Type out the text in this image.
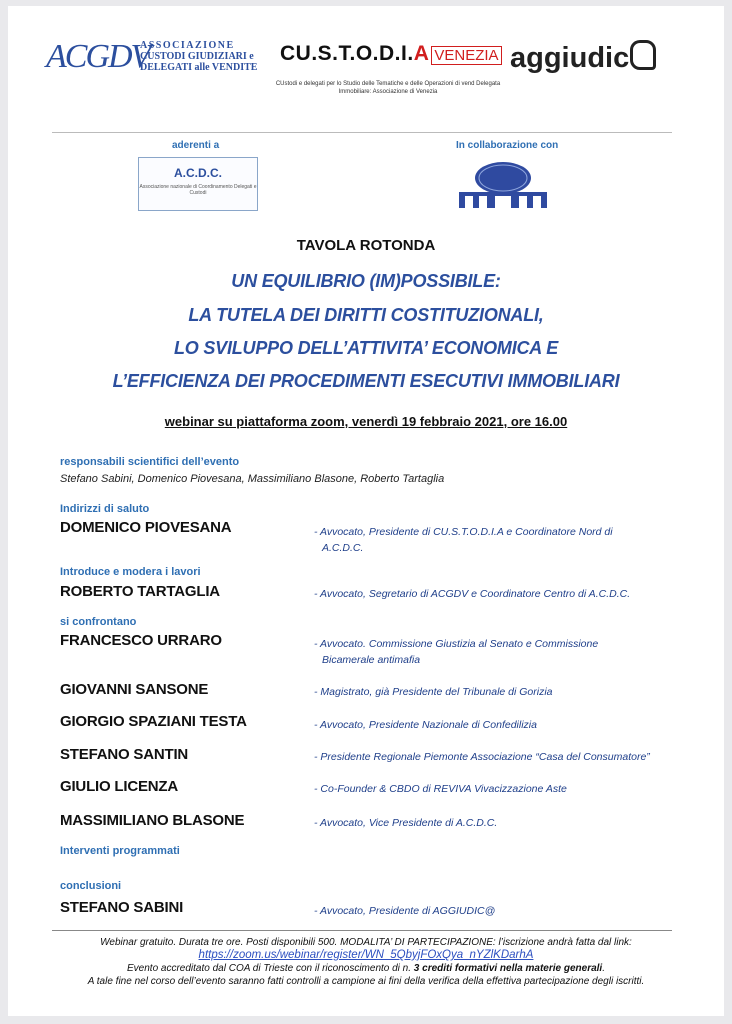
ACGDV
ASSOCIAZIONE
CUSTODI GIUDIZIARI e
DELEGATI alle VENDITE
CU.S.T.O.D.I.A VENEZIA
CUstodi e delegati per lo Studio delle Tematiche e delle Operazioni di vend Delegata Immobiliare: Associazione di Venezia
aggiudic
aderenti a	In collaborazione con
A.C.D.C.
Associazione nazionale di Coordinamento Delegati e Custodi
TAVOLA ROTONDA
UN EQUILIBRIO (IM)POSSIBILE:
LA TUTELA DEI DIRITTI COSTITUZIONALI,
LO SVILUPPO DELL’ATTIVITA’ ECONOMICA E
L’EFFICIENZA DEI PROCEDIMENTI ESECUTIVI IMMOBILIARI
webinar su piattaforma zoom, venerdì 19 febbraio 2021, ore 16.00
responsabili scientifici dell’evento
Stefano Sabini, Domenico Piovesana, Massimiliano Blasone, Roberto Tartaglia
Indirizzi di saluto
DOMENICO PIOVESANA	- Avvocato, Presidente di CU.S.T.O.D.I.A e Coordinatore Nord di
A.C.D.C.
Introduce e modera i lavori
ROBERTO TARTAGLIA	- Avvocato, Segretario di ACGDV e Coordinatore Centro di A.C.D.C.
si confrontano
FRANCESCO URRARO	- Avvocato. Commissione Giustizia al Senato e Commissione
Bicamerale antimafia
GIOVANNI SANSONE	- Magistrato, già Presidente del Tribunale di Gorizia
GIORGIO SPAZIANI TESTA	- Avvocato, Presidente Nazionale di Confedilizia
STEFANO SANTIN	- Presidente Regionale Piemonte Associazione “Casa del Consumatore”
GIULIO LICENZA	- Co-Founder & CBDO di REVIVA Vivacizzazione Aste
MASSIMILIANO BLASONE	- Avvocato, Vice Presidente di A.C.D.C.
Interventi programmati
conclusioni
STEFANO SABINI	- Avvocato, Presidente di AGGIUDIC@
Webinar gratuito. Durata tre ore. Posti disponibili 500. MODALITA’ DI PARTECIPAZIONE: l’iscrizione andrà fatta dal link:
https://zoom.us/webinar/register/WN_5QbyjFOxQya_nYZlKDarhA
Evento accreditato dal COA di Trieste con il riconoscimento di n. 3 crediti formativi nella materie generali.
A tale fine nel corso dell’evento saranno fatti controlli a campione ai fini della verifica della effettiva partecipazione degli iscritti.
